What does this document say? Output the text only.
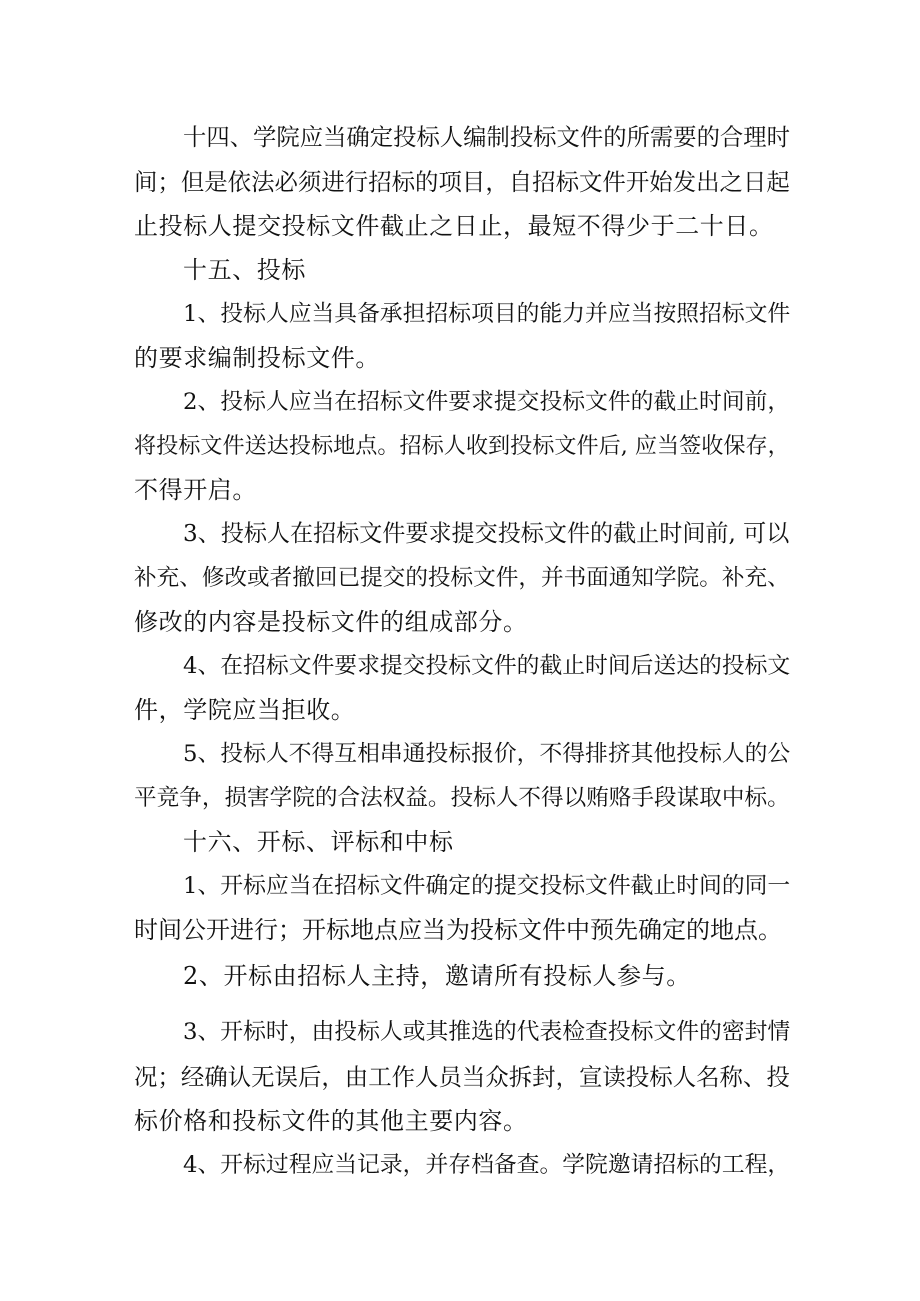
十四、学院应当确定投标人编制投标文件的所需要的合理时
间；但是依法必须进行招标的项目，自招标文件开始发出之日起
止投标人提交投标文件截止之日止，最短不得少于二十日。
十五、投标
1、投标人应当具备承担招标项目的能力并应当按照招标文件
的要求编制投标文件。
2、投标人应当在招标文件要求提交投标文件的截止时间前，
将投标文件送达投标地点。招标人收到投标文件后, 应当签收保存，
不得开启。
3、投标人在招标文件要求提交投标文件的截止时间前, 可以
补充、修改或者撤回已提交的投标文件，并书面通知学院。补充、
修改的内容是投标文件的组成部分。
4、在招标文件要求提交投标文件的截止时间后送达的投标文
件，学院应当拒收。
5、投标人不得互相串通投标报价，不得排挤其他投标人的公
平竞争，损害学院的合法权益。投标人不得以贿赂手段谋取中标。
十六、开标、评标和中标
1、开标应当在招标文件确定的提交投标文件截止时间的同一
时间公开进行；开标地点应当为投标文件中预先确定的地点。
2、开标由招标人主持，邀请所有投标人参与。
3、开标时，由投标人或其推选的代表检查投标文件的密封情
况；经确认无误后，由工作人员当众拆封，宣读投标人名称、投
标价格和投标文件的其他主要内容。
4、开标过程应当记录，并存档备查。学院邀请招标的工程，
